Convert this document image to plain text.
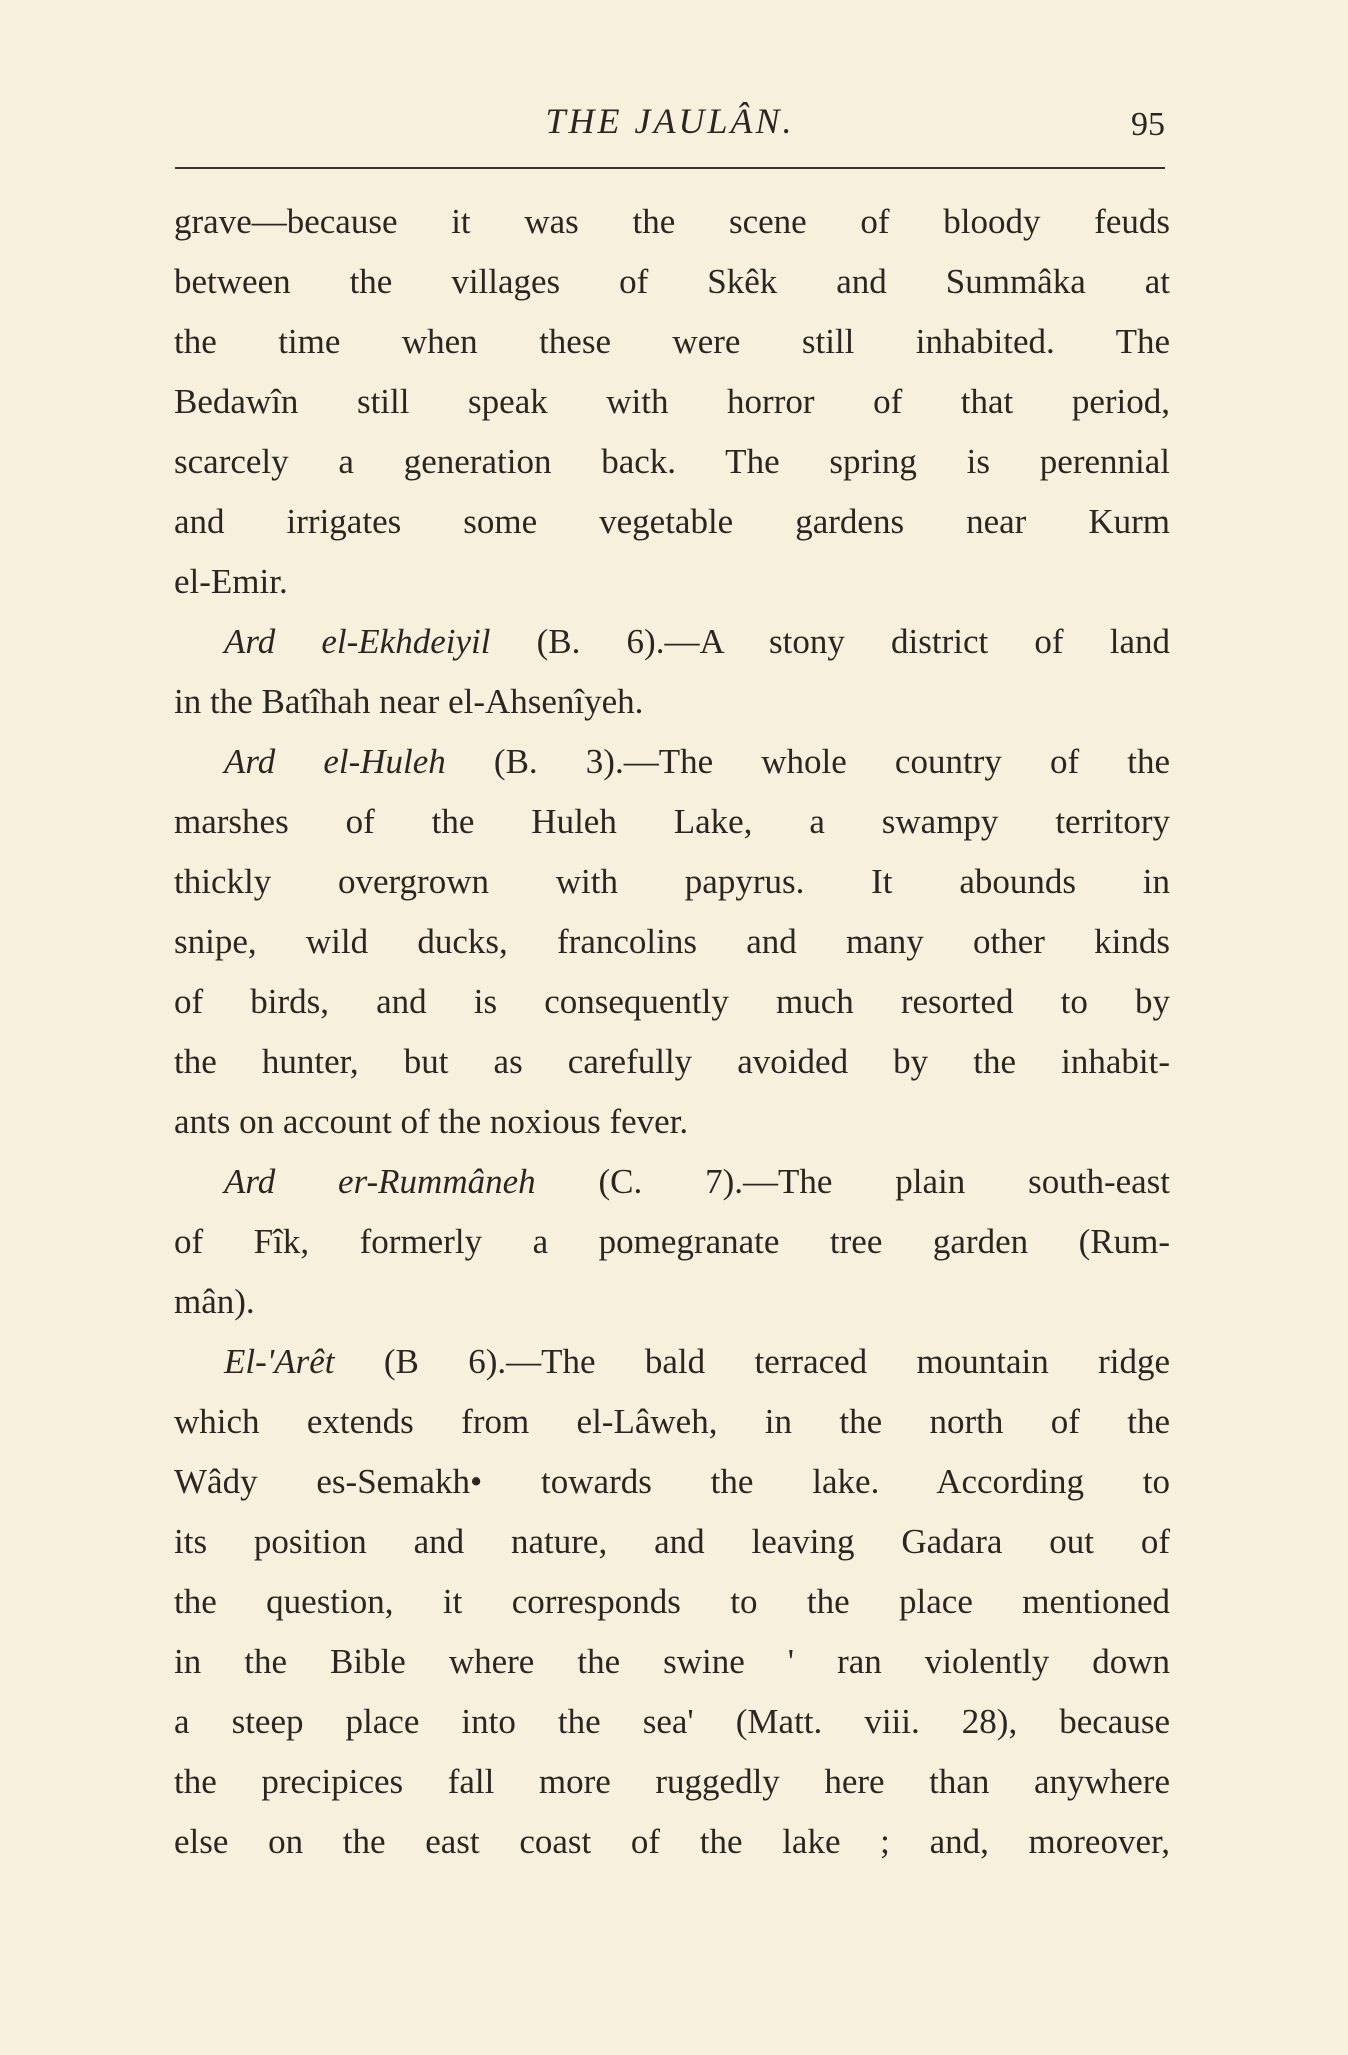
THE JAULÂN.	95
grave—because it was the scene of bloody feuds
between the villages of Skêk and Summâka at
the time when these were still inhabited. The
Bedawîn still speak with horror of that period,
scarcely a generation back. The spring is perennial
and irrigates some vegetable gardens near Kurm
el-Emir.
Ard el-Ekhdeiyil (B. 6).—A stony district of land
in the Batîhah near el-Ahsenîyeh.
Ard el-Huleh (B. 3).—The whole country of the
marshes of the Huleh Lake, a swampy territory
thickly overgrown with papyrus. It abounds in
snipe, wild ducks, francolins and many other kinds
of birds, and is consequently much resorted to by
the hunter, but as carefully avoided by the inhabit-
ants on account of the noxious fever.
Ard er-Rummâneh (C. 7).—The plain south-east
of Fîk, formerly a pomegranate tree garden (Rum-
mân).
El-'Arêt (B 6).—The bald terraced mountain ridge
which extends from el-Lâweh, in the north of the
Wâdy es-Semakh• towards the lake. According to
its position and nature, and leaving Gadara out of
the question, it corresponds to the place mentioned
in the Bible where the swine ' ran violently down
a steep place into the sea' (Matt. viii. 28), because
the precipices fall more ruggedly here than anywhere
else on the east coast of the lake ; and, moreover,
